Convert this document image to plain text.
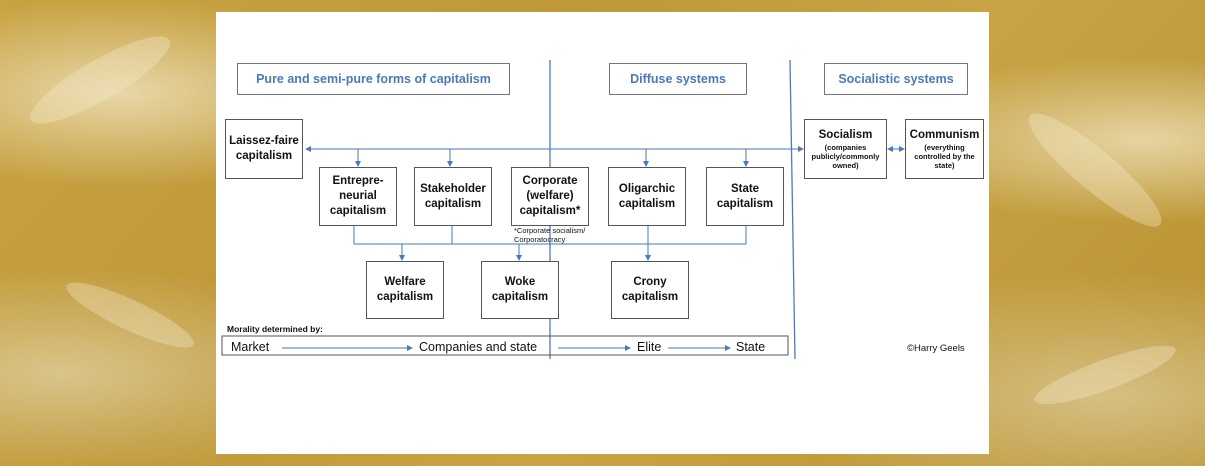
Pure and semi-pure forms of capitalism	Diffuse systems	Socialistic systems
Laissez-faire capitalism
Entrepre-neurial capitalism
Stakeholder capitalism
Corporate (welfare) capitalism*
Oligarchic capitalism
State capitalism
*Corporate socialism/ Corporatocracy
Welfare capitalism
Woke capitalism
Crony capitalism
Socialism
(companies publicly/commonly owned)
Communism
(everything controlled by the state)
Morality determined by:
Market	Companies and state	Elite	State	©Harry Geels
